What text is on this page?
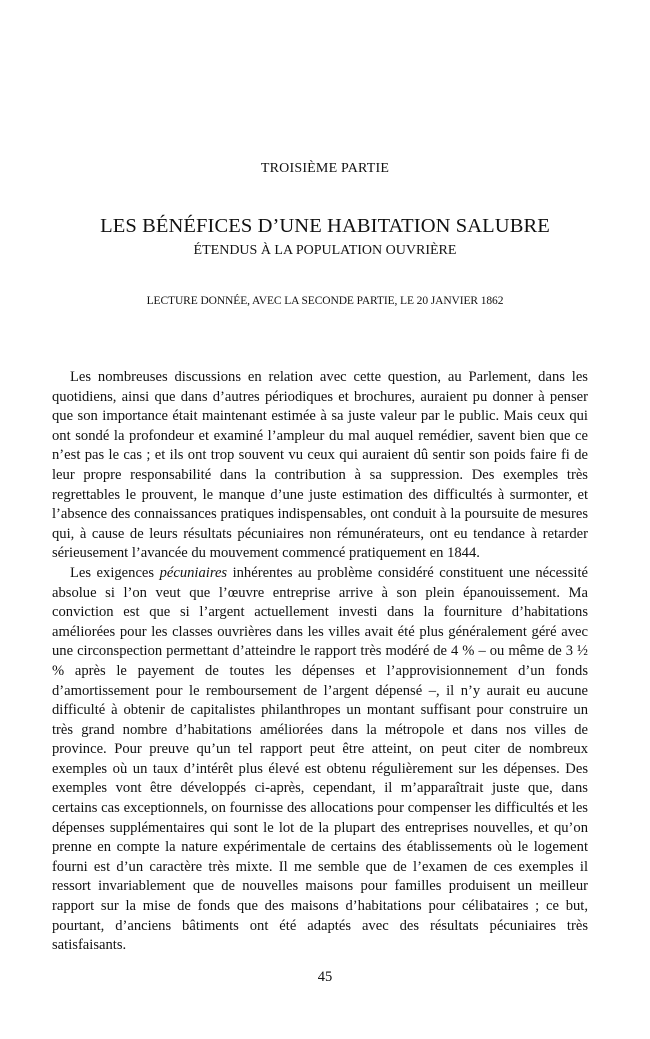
TROISIÈME PARTIE
LES BÉNÉFICES D’UNE HABITATION SALUBRE
ÉTENDUS À LA POPULATION OUVRIÈRE
LECTURE DONNÉE, AVEC LA SECONDE PARTIE, LE 20 JANVIER 1862

Les nombreuses discussions en relation avec cette question, au Parlement, dans les quotidiens, ainsi que dans d’autres périodiques et brochures, auraient pu donner à penser que son importance était maintenant estimée à sa juste valeur par le public. Mais ceux qui ont sondé la profondeur et examiné l’ampleur du mal auquel remédier, savent bien que ce n’est pas le cas ; et ils ont trop souvent vu ceux qui auraient dû sentir son poids faire fi de leur propre responsabilité dans la contribution à sa suppression. Des exemples très regrettables le prouvent, le manque d’une juste estimation des difficultés à surmonter, et l’absence des connaissances pratiques indispensables, ont conduit à la poursuite de mesures qui, à cause de leurs résultats pécuniaires non rémunérateurs, ont eu tendance à retarder sérieusement l’avancée du mouvement commencé pratiquement en 1844.

Les exigences pécuniaires inhérentes au problème considéré constituent une nécessité absolue si l’on veut que l’œuvre entreprise arrive à son plein épanouissement. Ma conviction est que si l’argent actuellement investi dans la fourniture d’habitations améliorées pour les classes ouvrières dans les villes avait été plus généralement géré avec une circonspection permettant d’atteindre le rapport très modéré de 4 % – ou même de 3 ½ % après le payement de toutes les dépenses et l’approvisionnement d’un fonds d’amortissement pour le remboursement de l’argent dépensé –, il n’y aurait eu aucune difficulté à obtenir de capitalistes philanthropes un montant suffisant pour construire un très grand nombre d’habitations améliorées dans la métropole et dans nos villes de province. Pour preuve qu’un tel rapport peut être atteint, on peut citer de nombreux exemples où un taux d’intérêt plus élevé est obtenu régulièrement sur les dépenses. Des exemples vont être développés ci-après, cependant, il m’apparaîtrait juste que, dans certains cas exceptionnels, on fournisse des allocations pour compenser les difficultés et les dépenses supplémentaires qui sont le lot de la plupart des entreprises nouvelles, et qu’on prenne en compte la nature expérimentale de certains des établissements où le logement fourni est d’un caractère très mixte. Il me semble que de l’examen de ces exemples il ressort invariablement que de nouvelles maisons pour familles produisent un meilleur rapport sur la mise de fonds que des maisons d’habitations pour célibataires ; ce but, pourtant, d’anciens bâtiments ont été adaptés avec des résultats pécuniaires très satisfaisants.

45
